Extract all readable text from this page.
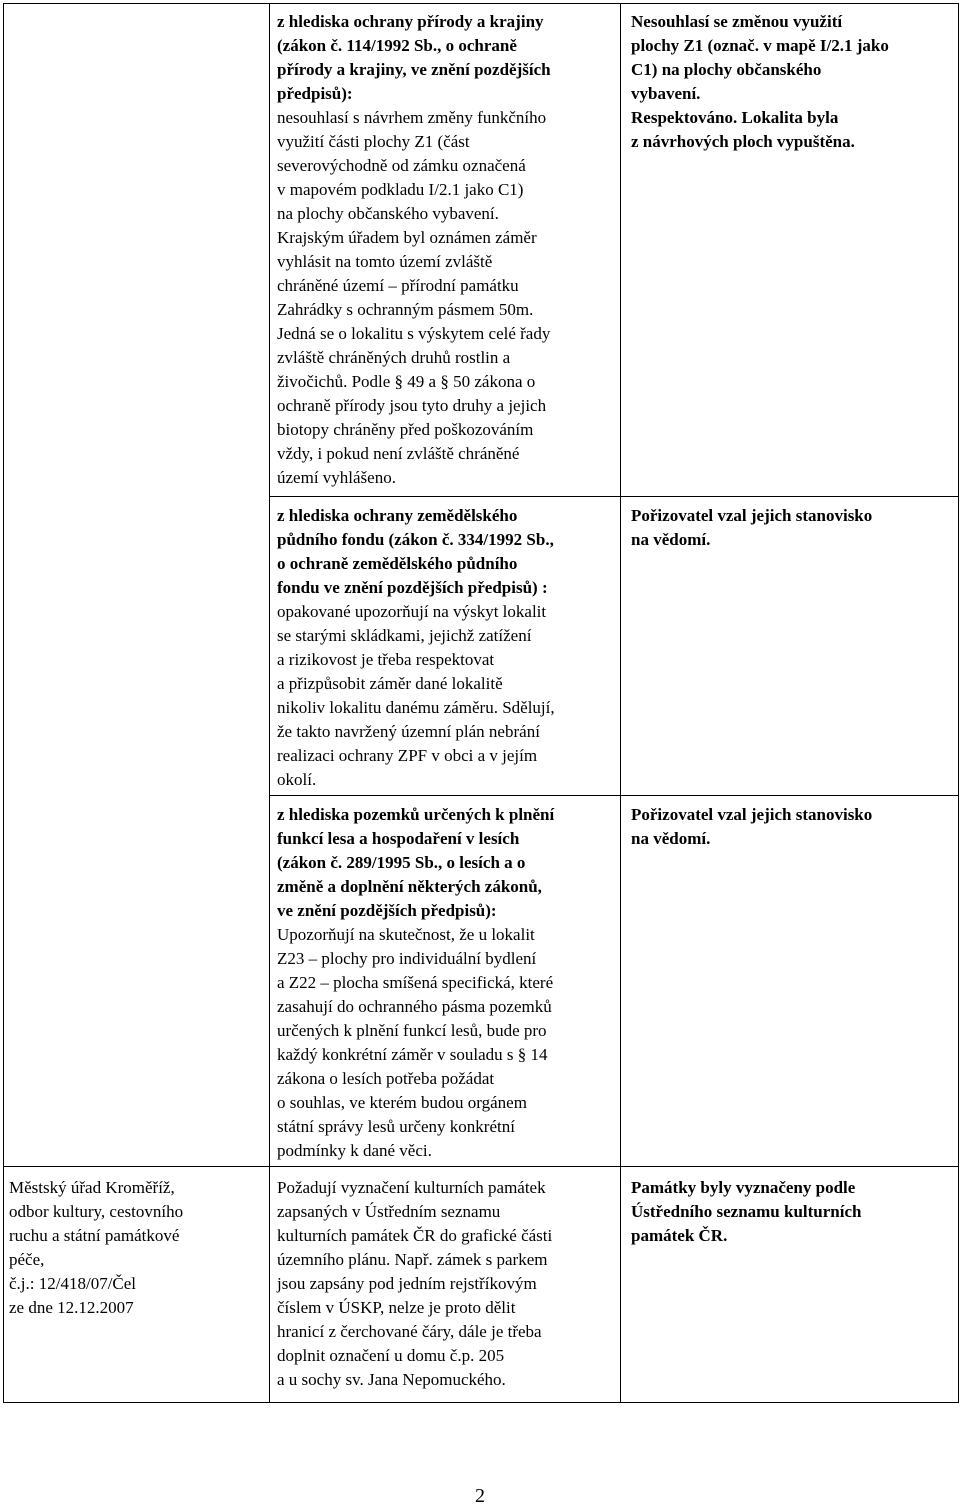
z hlediska ochrany přírody a krajiny
(zákon č. 114/1992 Sb., o ochraně
přírody a krajiny, ve znění pozdějších
předpisů):
nesouhlasí s návrhem změny funkčního
využití části plochy Z1 (část
severovýchodně od zámku označená
v mapovém podkladu I/2.1 jako C1)
na plochy občanského vybavení.
Krajským úřadem byl oznámen záměr
vyhlásit na tomto území zvláště
chráněné území – přírodní památku
Zahrádky s ochranným pásmem 50m.
Jedná se o lokalitu s výskytem celé řady
zvláště chráněných druhů rostlin a
živočichů. Podle § 49 a § 50 zákona o
ochraně přírody jsou tyto druhy a jejich
biotopy chráněny před poškozováním
vždy, i pokud není zvláště chráněné
území vyhlášeno.
Nesouhlasí se změnou využití
plochy Z1 (označ. v mapě I/2.1 jako
C1) na plochy občanského
vybavení.
Respektováno. Lokalita byla
z návrhových ploch vypuštěna.
z hlediska ochrany zemědělského
půdního fondu (zákon č. 334/1992 Sb.,
o ochraně zemědělského půdního
fondu ve znění pozdějších předpisů) :
opakované upozorňují na výskyt lokalit
se starými skládkami, jejichž zatížení
a rizikovost je třeba respektovat
a přizpůsobit záměr dané lokalitě
nikoliv lokalitu danému záměru. Sdělují,
že takto navržený územní plán nebrání
realizaci ochrany ZPF v obci a v jejím
okolí.
Pořizovatel vzal jejich stanovisko
na vědomí.
z hlediska pozemků určených k plnění
funkcí lesa a hospodaření v lesích
(zákon č. 289/1995 Sb., o lesích a o
změně a doplnění některých zákonů,
ve znění pozdějších předpisů):
Upozorňují na skutečnost, že u lokalit
Z23 – plochy pro individuální bydlení
a Z22 – plocha smíšená specifická, které
zasahují do ochranného pásma pozemků
určených k plnění funkcí lesů, bude pro
každý konkrétní záměr v souladu s § 14
zákona o lesích potřeba požádat
o souhlas, ve kterém budou orgánem
státní správy lesů určeny konkrétní
podmínky k dané věci.
Pořizovatel vzal jejich stanovisko
na vědomí.
Městský úřad Kroměříž,
odbor kultury, cestovního
ruchu a státní památkové
péče,
č.j.: 12/418/07/Čel
ze dne 12.12.2007
Požadují vyznačení kulturních památek
zapsaných v Ústředním seznamu
kulturních památek ČR do grafické části
územního plánu. Např. zámek s parkem
jsou zapsány pod jedním rejstříkovým
číslem v ÚSKP, nelze je proto dělit
hranicí z čerchované čáry, dále je třeba
doplnit označení u domu č.p. 205
a u sochy sv. Jana Nepomuckého.
Památky byly vyznačeny podle
Ústředního seznamu kulturních
památek ČR.
2
